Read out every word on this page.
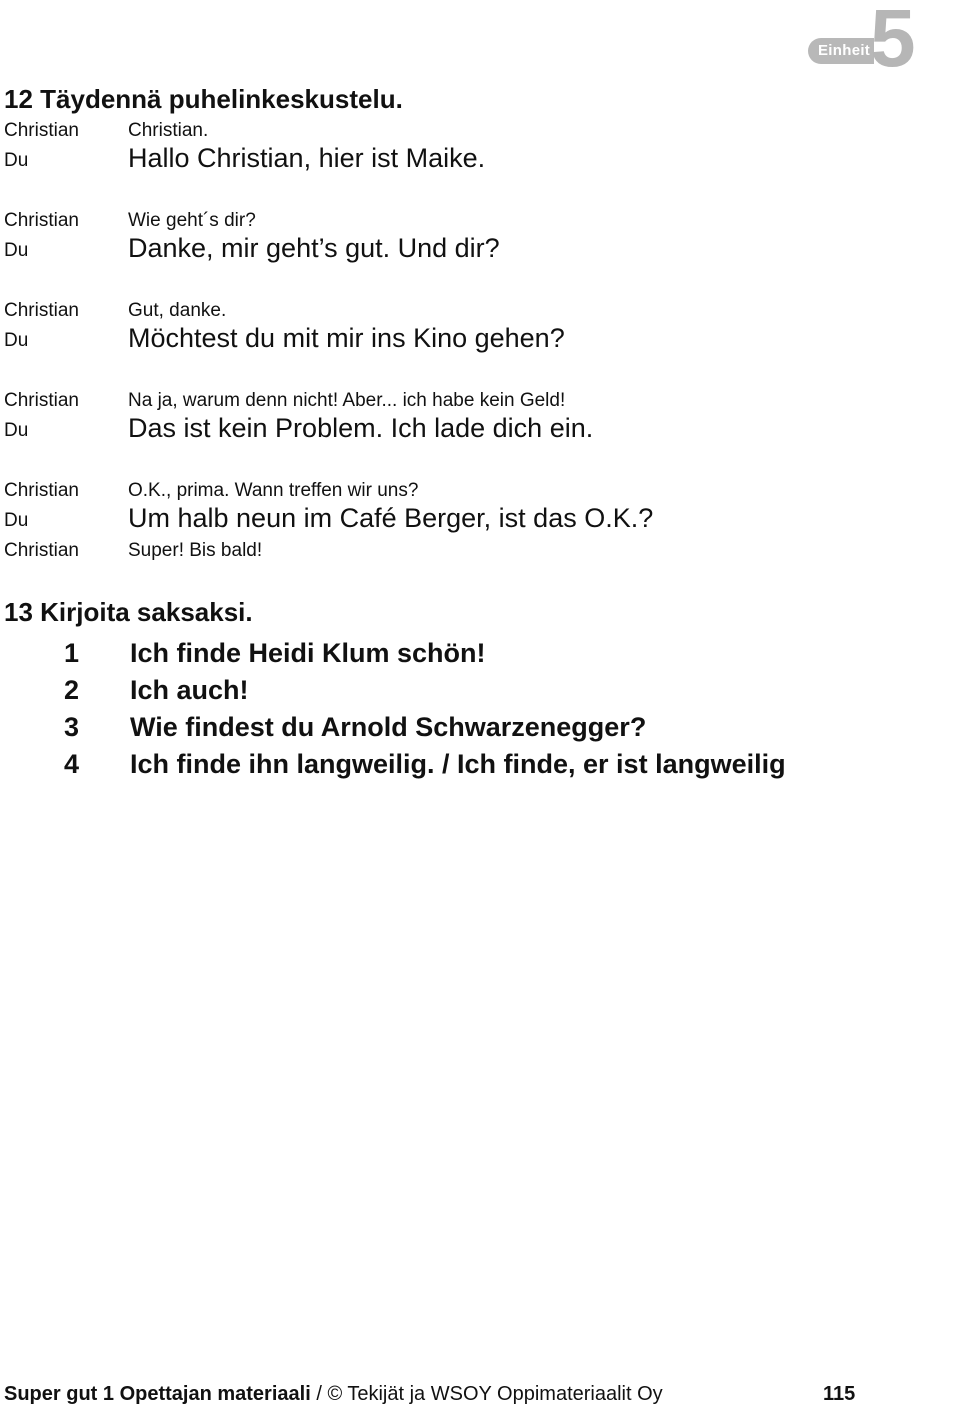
Einheit 5
12 Täydennä puhelinkeskustelu.
Christian	Christian.
Du	Hallo Christian, hier ist Maike.
Christian	Wie geht´s dir?
Du	Danke, mir geht’s gut. Und dir?
Christian	Gut, danke.
Du	Möchtest du mit mir ins Kino gehen?
Christian	Na ja, warum denn nicht! Aber... ich habe kein Geld!
Du	Das ist kein Problem. Ich lade dich ein.
Christian	O.K., prima. Wann treffen wir uns?
Du	Um halb neun im Café Berger, ist das O.K.?
Christian	Super! Bis bald!
13 Kirjoita saksaksi.
1 Ich finde Heidi Klum schön!
2 Ich auch!
3 Wie findest du Arnold Schwarzenegger?
4 Ich finde ihn langweilig. / Ich finde, er ist langweilig
Super gut 1 Opettajan materiaali / © Tekijät ja WSOY Oppimateriaalit Oy	115
